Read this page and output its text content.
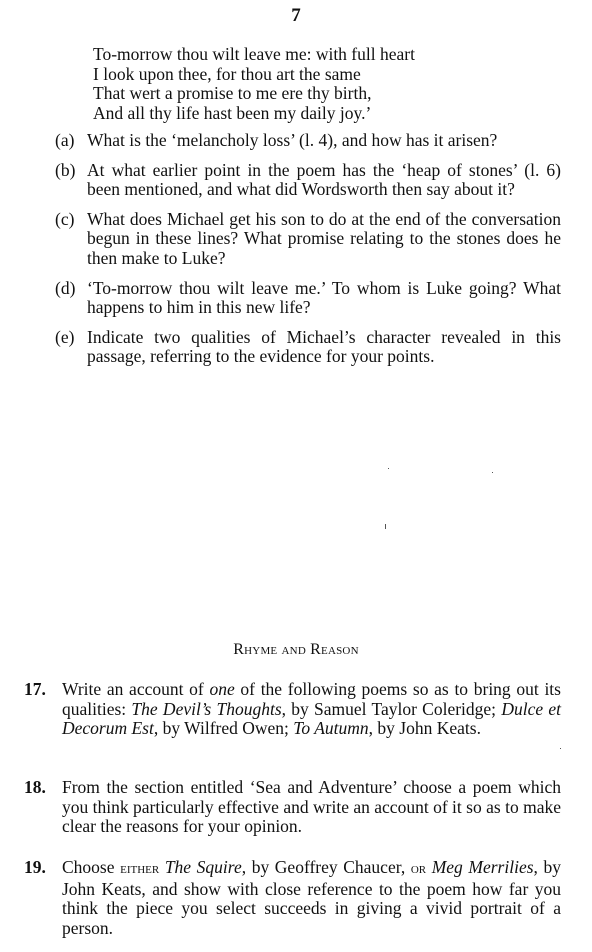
7
To-morrow thou wilt leave me: with full heart
I look upon thee, for thou art the same
That wert a promise to me ere thy birth,
And all thy life hast been my daily joy.’
(a) What is the ‘melancholy loss’ (l. 4), and how has it arisen?
(b) At what earlier point in the poem has the ‘heap of stones’ (l. 6) been mentioned, and what did Wordsworth then say about it?
(c) What does Michael get his son to do at the end of the conversation begun in these lines? What promise relating to the stones does he then make to Luke?
(d) ‘To-morrow thou wilt leave me.’ To whom is Luke going? What happens to him in this new life?
(e) Indicate two qualities of Michael’s character revealed in this passage, referring to the evidence for your points.
Rhyme and Reason
17. Write an account of one of the following poems so as to bring out its qualities: The Devil’s Thoughts, by Samuel Taylor Coleridge; Dulce et Decorum Est, by Wilfred Owen; To Autumn, by John Keats.
18. From the section entitled ‘Sea and Adventure’ choose a poem which you think particularly effective and write an account of it so as to make clear the reasons for your opinion.
19. Choose either The Squire, by Geoffrey Chaucer, or Meg Merrilies, by John Keats, and show with close reference to the poem how far you think the piece you select succeeds in giving a vivid portrait of a person.
